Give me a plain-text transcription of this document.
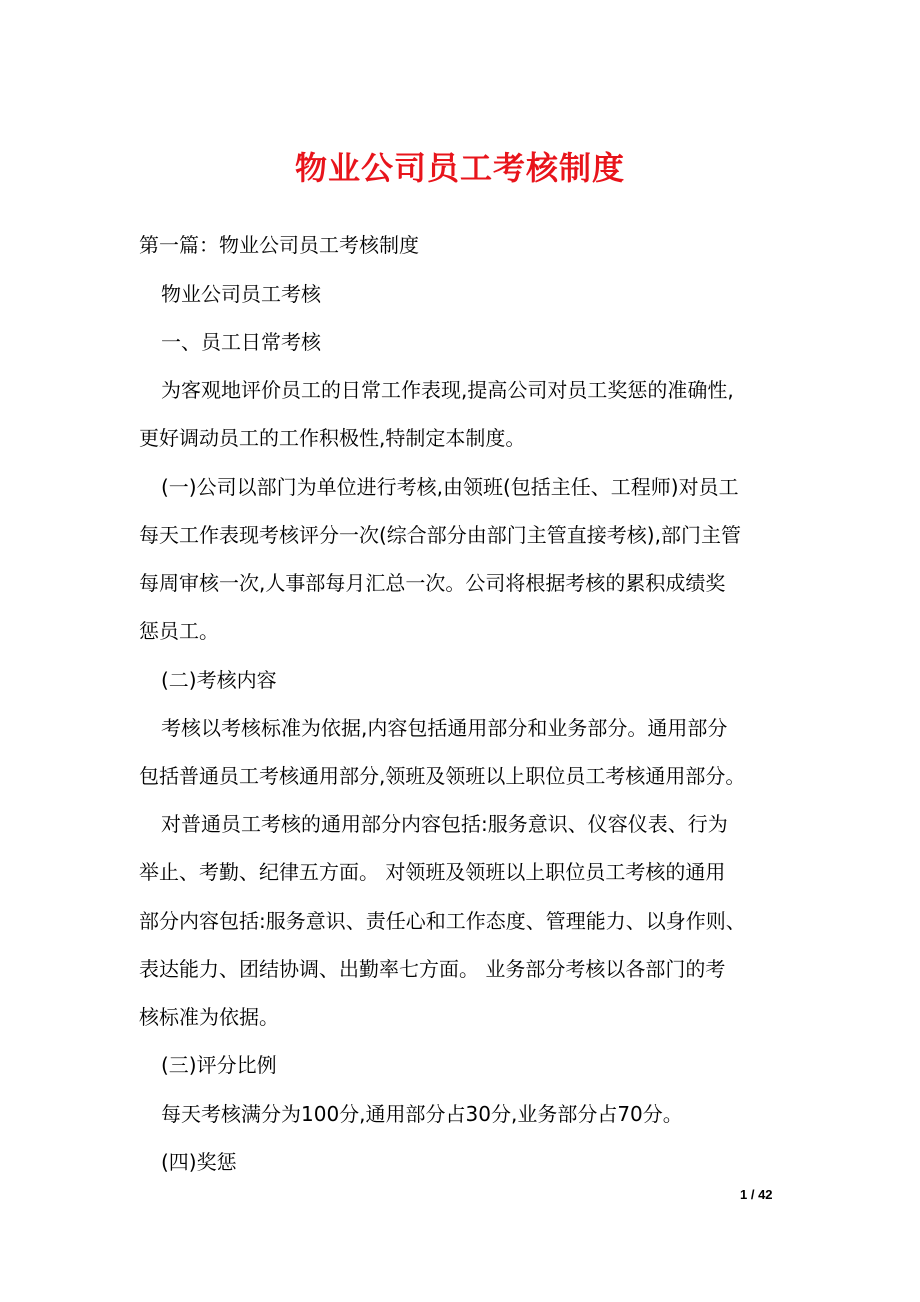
物业公司员工考核制度

第一篇：物业公司员工考核制度

物业公司员工考核

一、员工日常考核

为客观地评价员工的日常工作表现,提高公司对员工奖惩的准确性,

更好调动员工的工作积极性,特制定本制度。

(一)公司以部门为单位进行考核,由领班(包括主任、工程师)对员工

每天工作表现考核评分一次(综合部分由部门主管直接考核),部门主管

每周审核一次,人事部每月汇总一次。公司将根据考核的累积成绩奖

惩员工。

(二)考核内容

考核以考核标准为依据,内容包括通用部分和业务部分。通用部分

包括普通员工考核通用部分,领班及领班以上职位员工考核通用部分。

对普通员工考核的通用部分内容包括:服务意识、仪容仪表、行为

举止、考勤、纪律五方面。 对领班及领班以上职位员工考核的通用

部分内容包括:服务意识、责任心和工作态度、管理能力、以身作则、

表达能力、团结协调、出勤率七方面。 业务部分考核以各部门的考

核标准为依据。

(三)评分比例

每天考核满分为100分,通用部分占30分,业务部分占70分。

(四)奖惩

1 / 42
